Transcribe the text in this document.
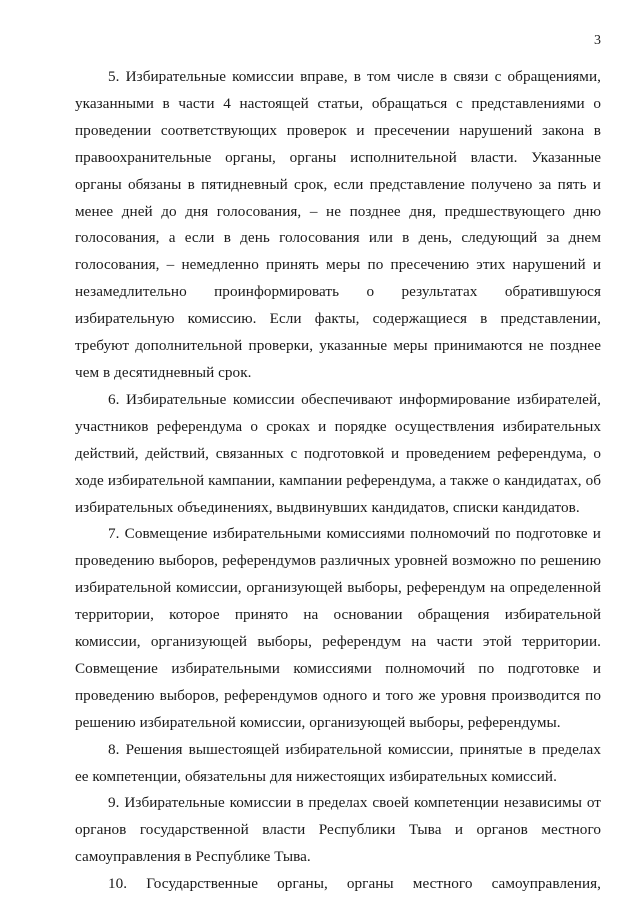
3

5. Избирательные комиссии вправе, в том числе в связи с обращениями, указанными в части 4 настоящей статьи, обращаться с представлениями о проведении соответствующих проверок и пресечении нарушений закона в правоохранительные органы, органы исполнительной власти. Указанные органы обязаны в пятидневный срок, если представление получено за пять и менее дней до дня голосования, – не позднее дня, предшествующего дню голосования, а если в день голосования или в день, следующий за днем голосования, – немедленно принять меры по пресечению этих нарушений и незамедлительно проинформировать о результатах обратившуюся избирательную комиссию. Если факты, содержащиеся в представлении, требуют дополнительной проверки, указанные меры принимаются не позднее чем в десятидневный срок.

6. Избирательные комиссии обеспечивают информирование избирателей, участников референдума о сроках и порядке осуществления избирательных действий, действий, связанных с подготовкой и проведением референдума, о ходе избирательной кампании, кампании референдума, а также о кандидатах, об избирательных объединениях, выдвинувших кандидатов, списки кандидатов.

7. Совмещение избирательными комиссиями полномочий по подготовке и проведению выборов, референдумов различных уровней возможно по решению избирательной комиссии, организующей выборы, референдум на определенной территории, которое принято на основании обращения избирательной комиссии, организующей выборы, референдум на части этой территории. Совмещение избирательными комиссиями полномочий по подготовке и проведению выборов, референдумов одного и того же уровня производится по решению избирательной комиссии, организующей выборы, референдумы.

8. Решения вышестоящей избирательной комиссии, принятые в пределах ее компетенции, обязательны для нижестоящих избирательных комиссий.

9. Избирательные комиссии в пределах своей компетенции независимы от органов государственной власти Республики Тыва и органов местного самоуправления в Республике Тыва.

10. Государственные органы, органы местного самоуправления,
